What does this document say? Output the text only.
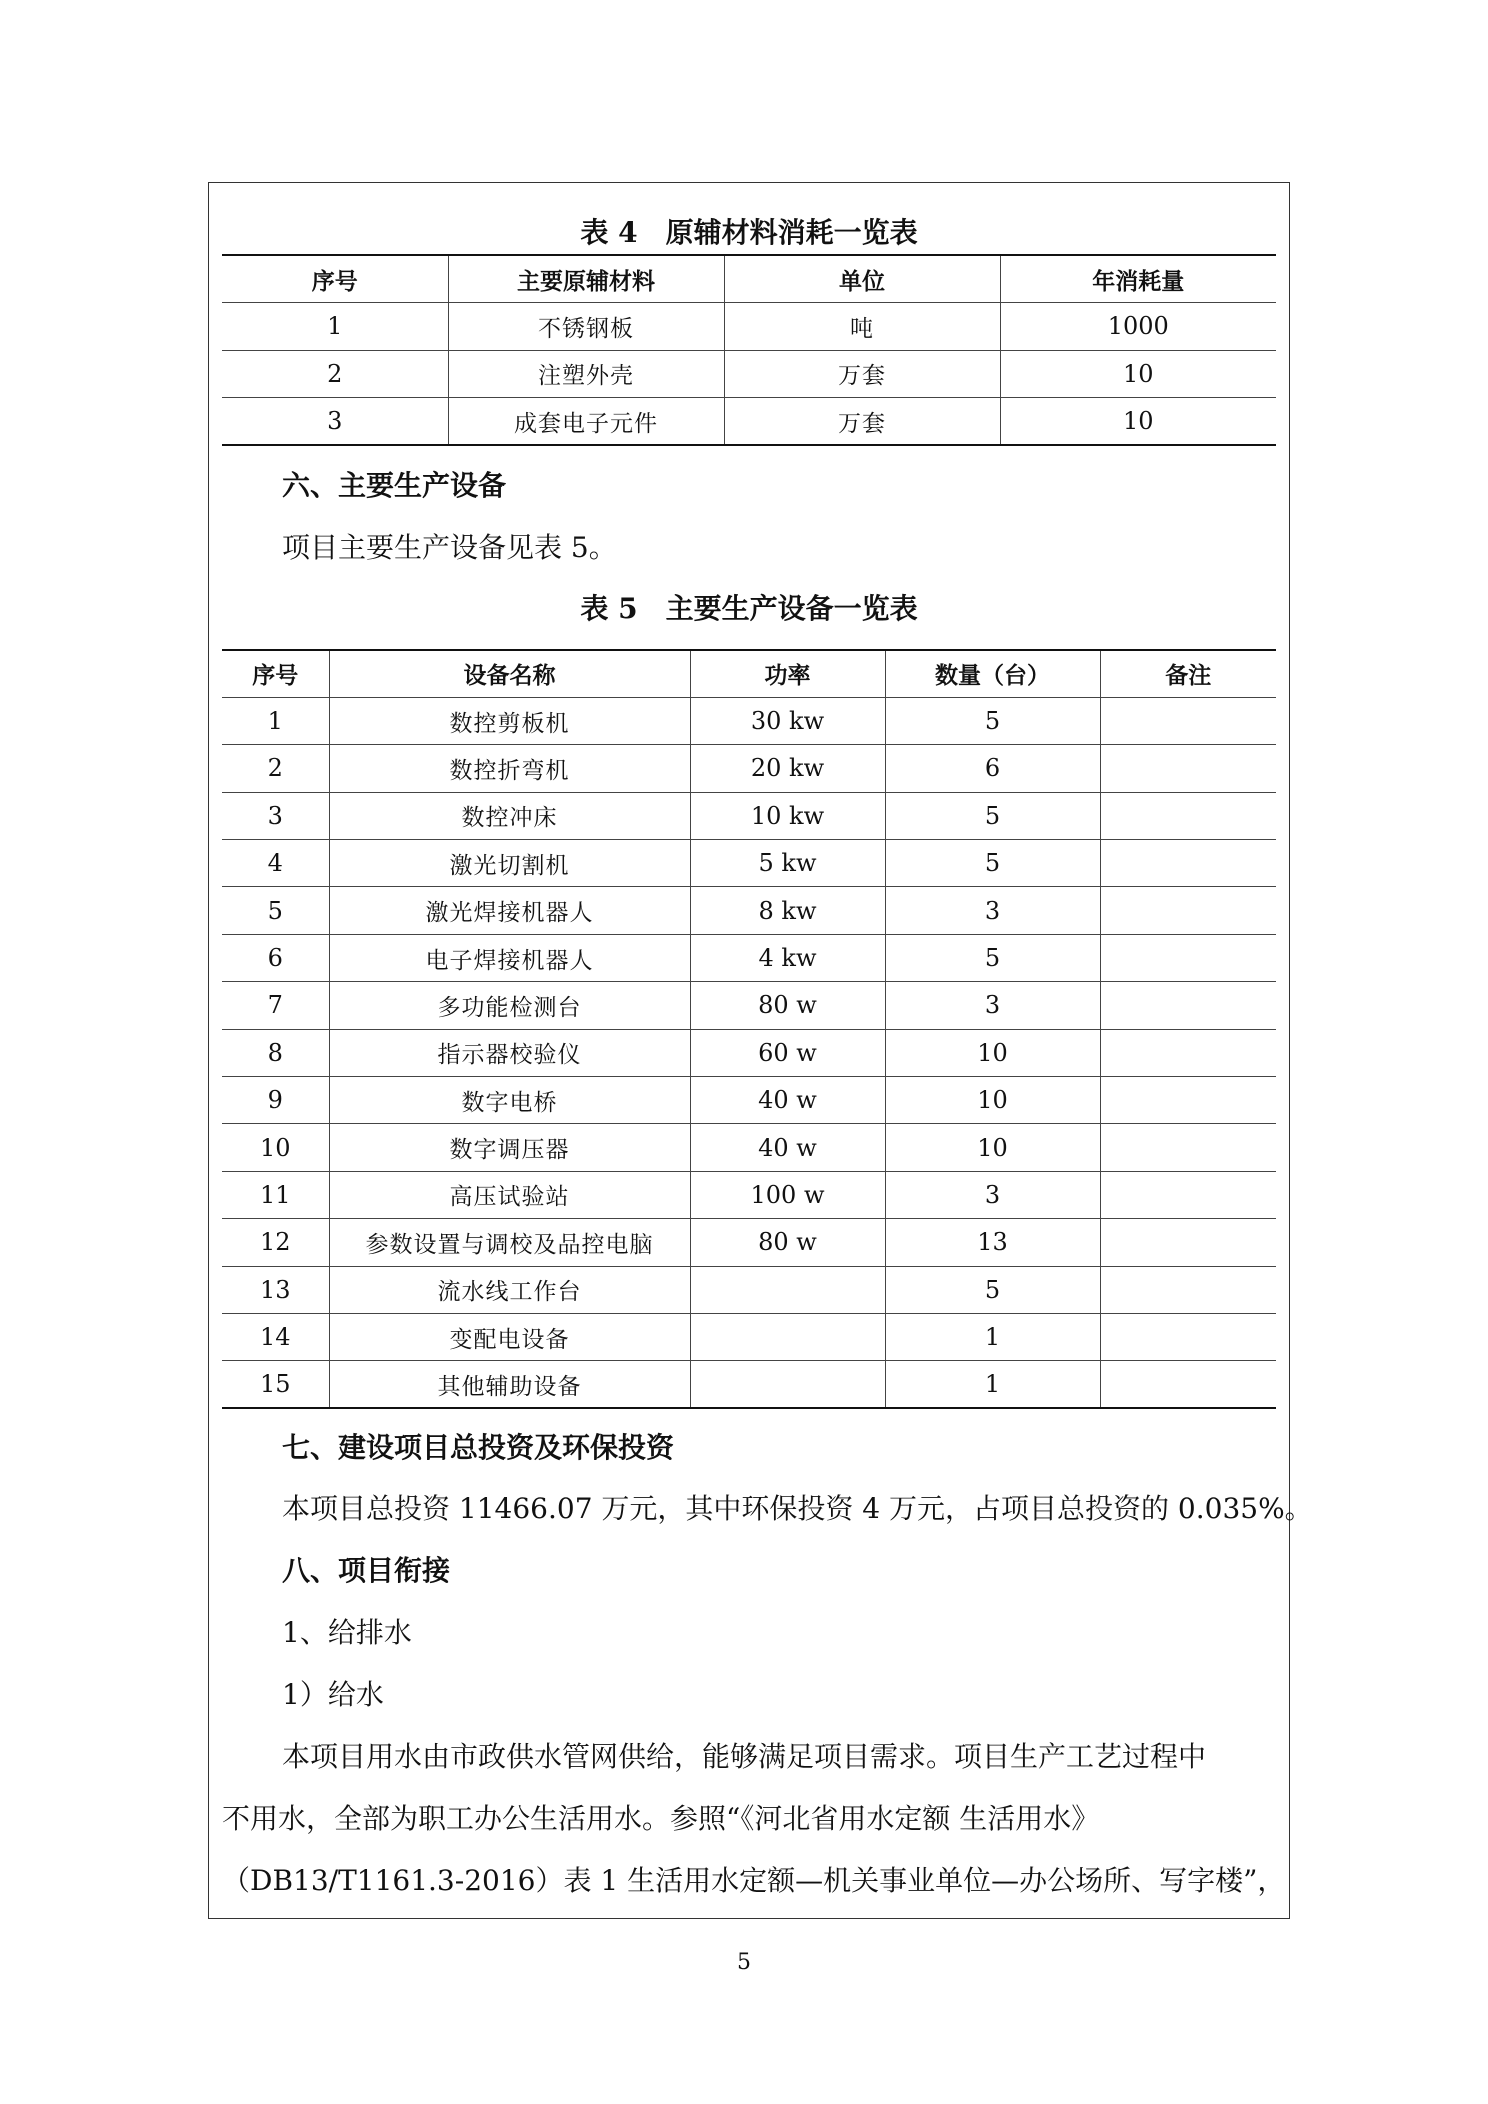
表 4 原辅材料消耗一览表
序号	主要原辅材料	单位	年消耗量
1	不锈钢板	吨	1000
2	注塑外壳	万套	10
3	成套电子元件	万套	10
六、主要生产设备
项目主要生产设备见表 5。
表 5 主要生产设备一览表
序号	设备名称	功率	数量（台）	备注
1	数控剪板机	30 kw	5	
2	数控折弯机	20 kw	6	
3	数控冲床	10 kw	5	
4	激光切割机	5 kw	5	
5	激光焊接机器人	8 kw	3	
6	电子焊接机器人	4 kw	5	
7	多功能检测台	80 w	3	
8	指示器校验仪	60 w	10	
9	数字电桥	40 w	10	
10	数字调压器	40 w	10	
11	高压试验站	100 w	3	
12	参数设置与调校及品控电脑	80 w	13	
13	流水线工作台		5	
14	变配电设备		1	
15	其他辅助设备		1	
七、建设项目总投资及环保投资
本项目总投资 11466.07 万元，其中环保投资 4 万元，占项目总投资的 0.035%。
八、项目衔接
1、给排水
1）给水
本项目用水由市政供水管网供给，能够满足项目需求。项目生产工艺过程中
不用水，全部为职工办公生活用水。参照“《河北省用水定额 生活用水》
（DB13/T1161.3-2016）表 1 生活用水定额—机关事业单位—办公场所、写字楼”，
5
